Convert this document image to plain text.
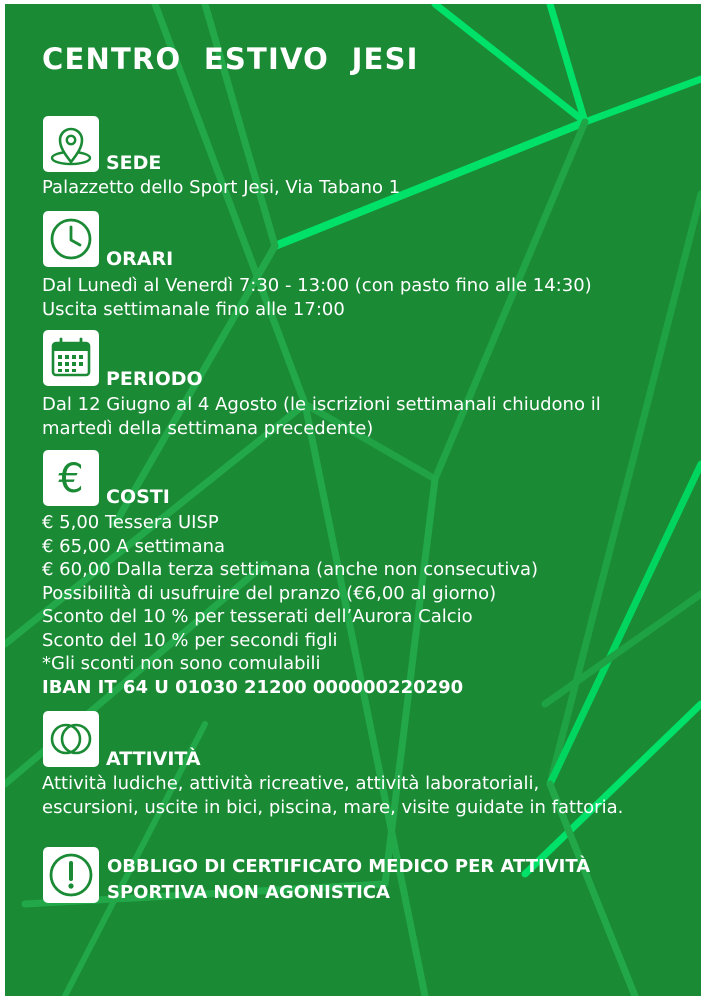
CENTRO  ESTIVO  JESI
SEDE
Palazzetto dello Sport Jesi, Via Tabano 1
ORARI
Dal Lunedì al Venerdì 7:30 - 13:00 (con pasto fino alle 14:30)
Uscita settimanale fino alle 17:00
PERIODO
Dal 12 Giugno al 4 Agosto (le iscrizioni settimanali chiudono il
martedì della settimana precedente)
€ COSTI
€ 5,00 Tessera UISP
€ 65,00 A settimana
€ 60,00 Dalla terza settimana (anche non consecutiva)
Possibilità di usufruire del pranzo (€6,00 al giorno)
Sconto del 10 % per tesserati dell’Aurora Calcio
Sconto del 10 % per secondi figli
*Gli sconti non sono comulabili
IBAN IT 64 U 01030 21200 000000220290
ATTIVITÀ
Attività ludiche, attività ricreative, attività laboratoriali,
escursioni, uscite in bici, piscina, mare, visite guidate in fattoria.
OBBLIGO DI CERTIFICATO MEDICO PER ATTIVITÀ
SPORTIVA NON AGONISTICA
